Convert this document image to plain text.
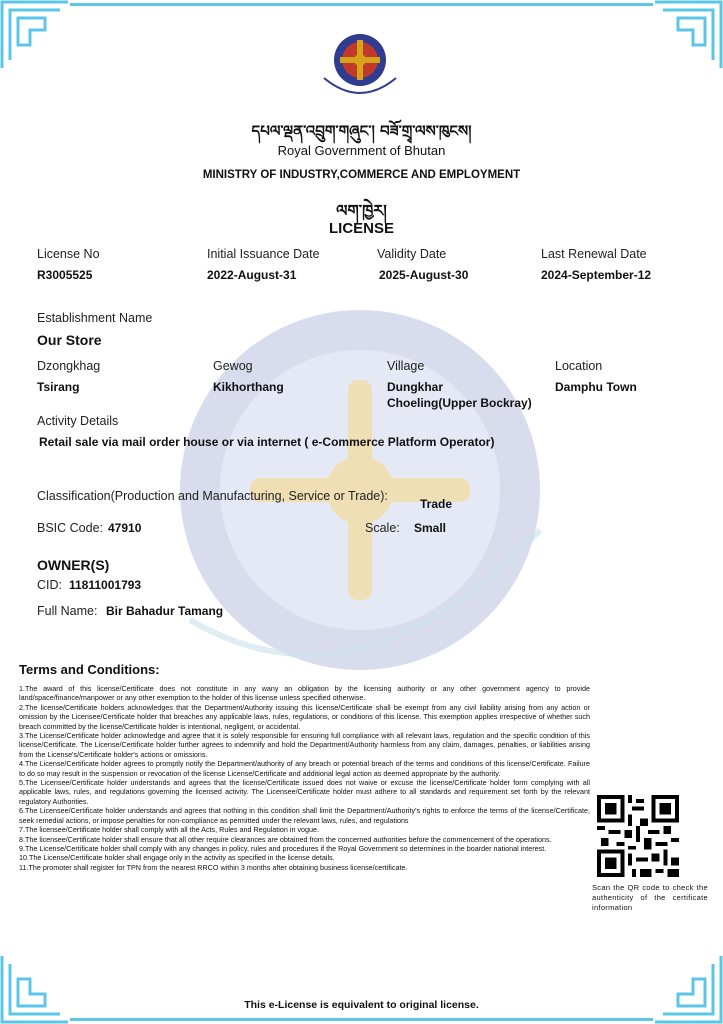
དཔལ་ལྡན་འབྲུག་གཞུང་། བཟོ་གྲྭ་ལས་ཁུངས།
Royal Government of Bhutan
MINISTRY OF INDUSTRY,COMMERCE AND EMPLOYMENT
ལག་ཁྱེར།
LICENSE
License No
R3005525
Initial Issuance Date
2022-August-31
Validity Date
2025-August-30
Last Renewal Date
2024-September-12
Establishment Name
Our Store
Dzongkhag
Tsirang
Gewog
Kikhorthang
Village
Dungkhar
Choeling(Upper Bockray)
Location
Damphu Town
Activity Details
Retail sale via mail order house or via internet ( e-Commerce Platform Operator)
Classification(Production and Manufacturing, Service or Trade):
Trade
BSIC Code: 47910	Scale: Small
OWNER(S)
CID: 11811001793
Full Name: Bir Bahadur Tamang
Terms and Conditions:

1.The award of this license/Certificate does not constitute in any wany an obligation by the licensing authority or any other government agency to provide land/space/finance/manpower or any other exemption to the holder of this license unless specified otherwise.

2.The license/Certificate holders acknowledges that the Department/Authority issuing this license/Certificate shall be exempt from any civil liability arising from any action or omission by the Licensee/Certificate holder that breaches any applicable laws, rules, regulations, or conditions of this license. This exemption applies irrespective of whether such breach committed by the license/Certificate holder is intentional, negligent, or accidental.

3.The License/Certificate holder acknowledge and agree that it is solely responsible for ensuring full compliance with all relevant laws, regulation and the specific condition of this license/Certificate. The License/Certificate holder further agrees to indemnify and hold the Department/Authority harmless from any claim, damages, penalties, or liabilities arising from the License's/Certificate holder's actions or omissions.

4.The License/Certificate holder agrees to promptly notify the Department/authority of any breach or potential breach of the terms and conditions of this license/Certificate. Failure to do so may result in the suspension or revocation of the license License/Certificate and additional legal action as deemed appropriate by the authority.

5.The Licensee/Certificate holder understands and agrees that the license/Certificate issued does not waive or excuse the license/Certificate holder form complying with all applicable laws, rules, and regulations governing the licensed activity. The Licensee/Certificate holder must adhere to all standards and requirement set forth by the relevant regulatory Authorities.

6.The Licensee/Certificate holder understands and agrees that nothing in this condition shall limit the Department/Authority's rights to enforce the terms of the license/Certificate, seek remedial actions, or impose penalties for non-compliance as permitted under the relevant laws, rules, and regulations

7.The licensee/Certificate holder shall comply with all the Acts, Rules and Regulation in vogue.

8.The licensee/Certificate holder shall ensure that all other require clearances are obtained from the concerned authorities before the commencement of the operations.

9.The License/Certificate holder shall comply with any changes in policy, rules and procedures if the Royal Government so determines in the boarder national interest.

10.The License/Certificate holder shall engage only in the activity as specified in the license details.

11.The promoter shall register for TPN from the nearest RRCO within 3 months after obtaining business license/certificate.

Scan the QR code to check the authenticity of the certificate information
This e-License is equivalent to original license.
